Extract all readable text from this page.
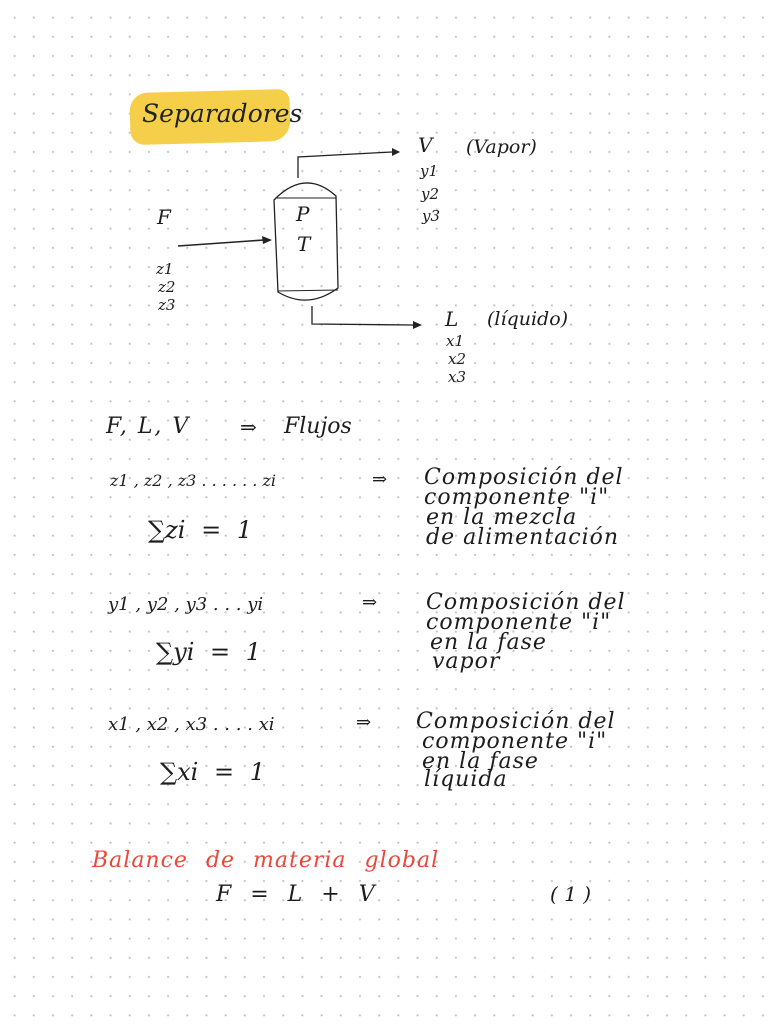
Separadores
F
z1
z2
z3
P
T
V (Vapor)
y1
y2
y3
L (líquido)
x1
x2
x3
F, L, V ⇒ Flujos
z1 , z2 , z3 . . . . . . zi	⇒ Composición del
componente "i"
en la mezcla
de alimentación
∑zi = 1
y1 , y2 , y3 . . . yi	⇒ Composición del
componente "i"
en la fase
vapor
∑yi = 1
x1 , x2 , x3 . . . . xi	⇒ Composición del
componente "i"
en la fase
líquida
∑xi = 1
Balance de materia global
F = L + V	( 1 )
